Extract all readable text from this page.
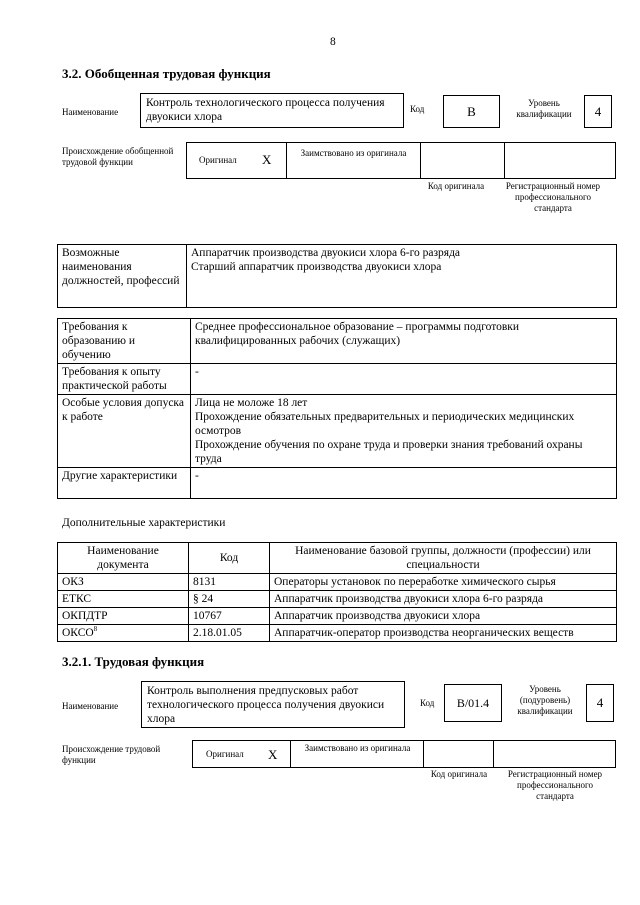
8
3.2. Обобщенная трудовая функция
Наименование
Контроль технологического процесса получения двуокиси хлора
Код	B
Уровень квалификации	4
Происхождение обобщенной трудовой функции	Оригинал X	Заимствовано из оригинала
Код оригинала	Регистрационный номер профессионального стандарта
Возможные наименования должностей, профессий	
Аппаратчик производства двуокиси хлора 6-го разряда
Старший аппаратчик производства двуокиси хлора
Требования к образованию и обучению	Среднее профессиональное образование – программы подготовки квалифицированных рабочих (служащих)
Требования к опыту практической работы	-
Особые условия допуска к работе	Лица не моложе 18 лет
Прохождение обязательных предварительных и периодических медицинских осмотров
Прохождение обучения по охране труда и проверки знания требований охраны труда

Другие характеристики	-
Дополнительные характеристики
Наименование документа	Код	Наименование базовой группы, должности (профессии) или специальности
ОКЗ	8131	Операторы установок по переработке химического сырья
ЕТКС	§ 24	Аппаратчик производства двуокиси хлора 6-го разряда
ОКПДТР	10767	Аппаратчик производства двуокиси хлора
ОКСО$^8$	2.18.01.05	Аппаратчик-оператор производства неорганических веществ
3.2.1. Трудовая функция
Наименование
Контроль выполнения предпусковых работ технологического процесса получения двуокиси хлора
Код	B/01.4
Уровень (подуровень) квалификации
4
Происхождение трудовой функции
Оригинал X	Заимствовано из оригинала
Код оригинала	Регистрационный номер профессионального стандарта
